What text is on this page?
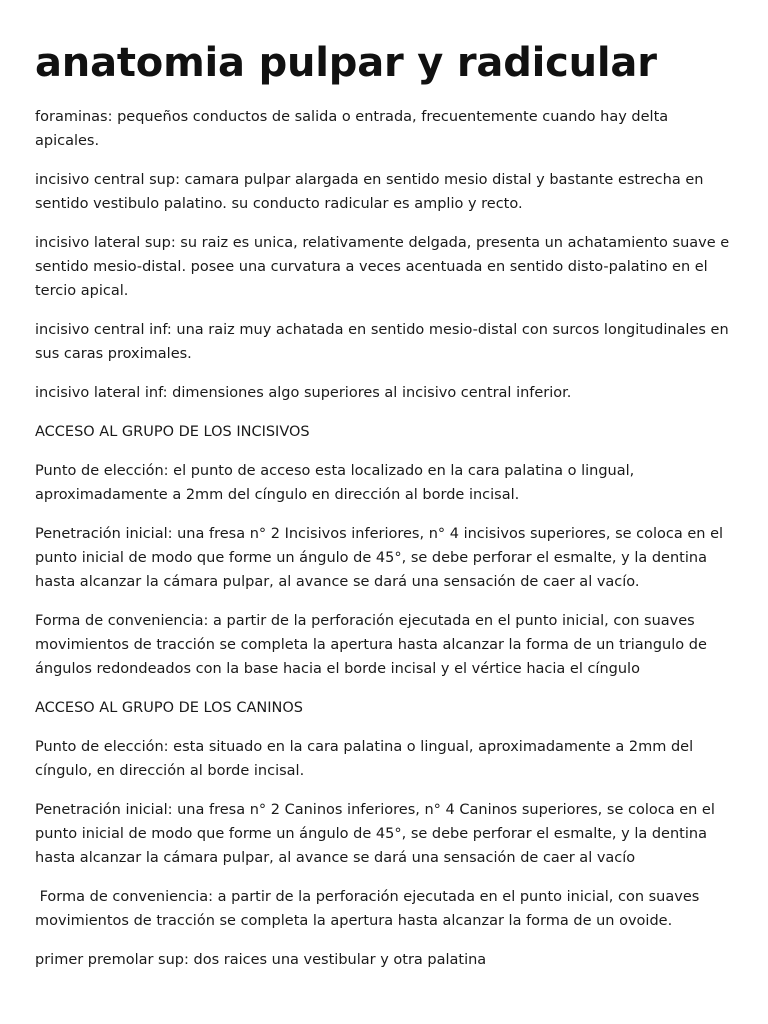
anatomia pulpar y radicular

foraminas: pequeños conductos de salida o entrada, frecuentemente cuando hay delta apicales.

incisivo central sup: camara pulpar alargada en sentido mesio distal y bastante estrecha en sentido vestibulo palatino. su conducto radicular es amplio y recto.

incisivo lateral sup: su raiz es unica, relativamente delgada, presenta un achatamiento suave e sentido mesio-distal. posee una curvatura a veces acentuada en sentido disto-palatino en el tercio apical.

incisivo central inf: una raiz muy achatada en sentido mesio-distal con surcos longitudinales en sus caras proximales.

incisivo lateral inf: dimensiones algo superiores al incisivo central inferior.

ACCESO AL GRUPO DE LOS INCISIVOS

Punto de elección: el punto de acceso esta localizado en la cara palatina o lingual, aproximadamente a 2mm del cíngulo en dirección al borde incisal.

Penetración inicial: una fresa n° 2 Incisivos inferiores, n° 4 incisivos superiores, se coloca en el punto inicial de modo que forme un ángulo de 45°, se debe perforar el esmalte, y la dentina hasta alcanzar la cámara pulpar, al avance se dará una sensación de caer al vacío.

Forma de conveniencia: a partir de la perforación ejecutada en el punto inicial, con suaves movimientos de tracción se completa la apertura hasta alcanzar la forma de un triangulo de ángulos redondeados con la base hacia el borde incisal y el vértice hacia el cíngulo

ACCESO AL GRUPO DE LOS CANINOS

Punto de elección: esta situado en la cara palatina o lingual, aproximadamente a 2mm del cíngulo, en dirección al borde incisal.

Penetración inicial: una fresa n° 2 Caninos inferiores, n° 4 Caninos superiores, se coloca en el punto inicial de modo que forme un ángulo de 45°, se debe perforar el esmalte, y la dentina hasta alcanzar la cámara pulpar, al avance se dará una sensación de caer al vacío

Forma de conveniencia: a partir de la perforación ejecutada en el punto inicial, con suaves movimientos de tracción se completa la apertura hasta alcanzar la forma de un ovoide.

primer premolar sup: dos raices una vestibular y otra palatina
